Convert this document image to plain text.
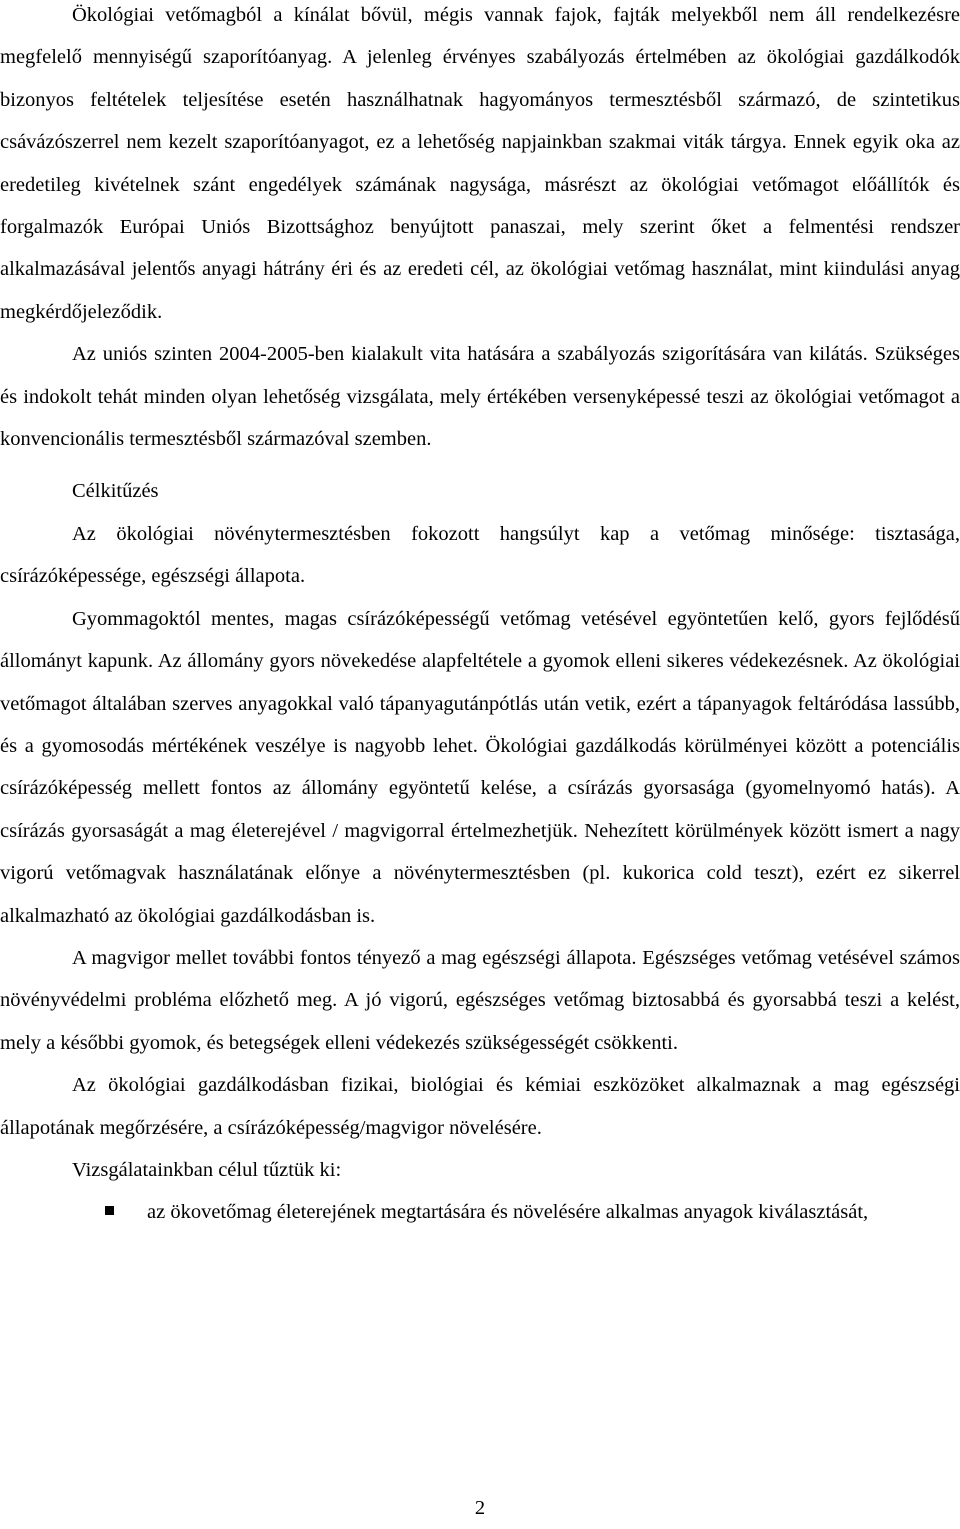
Ökológiai vetőmagból a kínálat bővül, mégis vannak fajok, fajták melyekből nem áll rendelkezésre megfelelő mennyiségű szaporítóanyag. A jelenleg érvényes szabályozás értelmében az ökológiai gazdálkodók bizonyos feltételek teljesítése esetén használhatnak hagyományos termesztésből származó, de szintetikus csávázószerrel nem kezelt szaporítóanyagot, ez a lehetőség napjainkban szakmai viták tárgya. Ennek egyik oka az eredetileg kivételnek szánt engedélyek számának nagysága, másrészt az ökológiai vetőmagot előállítók és forgalmazók Európai Uniós Bizottsághoz benyújtott panaszai, mely szerint őket a felmentési rendszer alkalmazásával jelentős anyagi hátrány éri és az eredeti cél, az ökológiai vetőmag használat, mint kiindulási anyag megkérdőjeleződik.

Az uniós szinten 2004-2005-ben kialakult vita hatására a szabályozás szigorítására van kilátás. Szükséges és indokolt tehát minden olyan lehetőség vizsgálata, mely értékében versenyképessé teszi az ökológiai vetőmagot a konvencionális termesztésből származóval szemben.

Célkitűzés

Az ökológiai növénytermesztésben fokozott hangsúlyt kap a vetőmag minősége: tisztasága, csírázóképessége, egészségi állapota.

Gyommagoktól mentes, magas csírázóképességű vetőmag vetésével egyöntetűen kelő, gyors fejlődésű állományt kapunk. Az állomány gyors növekedése alapfeltétele a gyomok elleni sikeres védekezésnek. Az ökológiai vetőmagot általában szerves anyagokkal való tápanyagutánpótlás után vetik, ezért a tápanyagok feltáródása lassúbb, és a gyomosodás mértékének veszélye is nagyobb lehet. Ökológiai gazdálkodás körülményei között a potenciális csírázóképesség mellett fontos az állomány egyöntetű kelése, a csírázás gyorsasága (gyomelnyomó hatás). A csírázás gyorsaságát a mag életerejével / magvigorral értelmezhetjük. Nehezített körülmények között ismert a nagy vigorú vetőmagvak használatának előnye a növénytermesztésben (pl. kukorica cold teszt), ezért ez sikerrel alkalmazható az ökológiai gazdálkodásban is.

A magvigor mellet további fontos tényező a mag egészségi állapota. Egészséges vetőmag vetésével számos növényvédelmi probléma előzhető meg. A jó vigorú, egészséges vetőmag biztosabbá és gyorsabbá teszi a kelést, mely a későbbi gyomok, és betegségek elleni védekezés szükségességét csökkenti.

Az ökológiai gazdálkodásban fizikai, biológiai és kémiai eszközöket alkalmaznak a mag egészségi állapotának megőrzésére, a csírázóképesség/magvigor növelésére.

Vizsgálatainkban célul tűztük ki:

az ökovetőmag életerejének megtartására és növelésére alkalmas anyagok kiválasztását,
2
